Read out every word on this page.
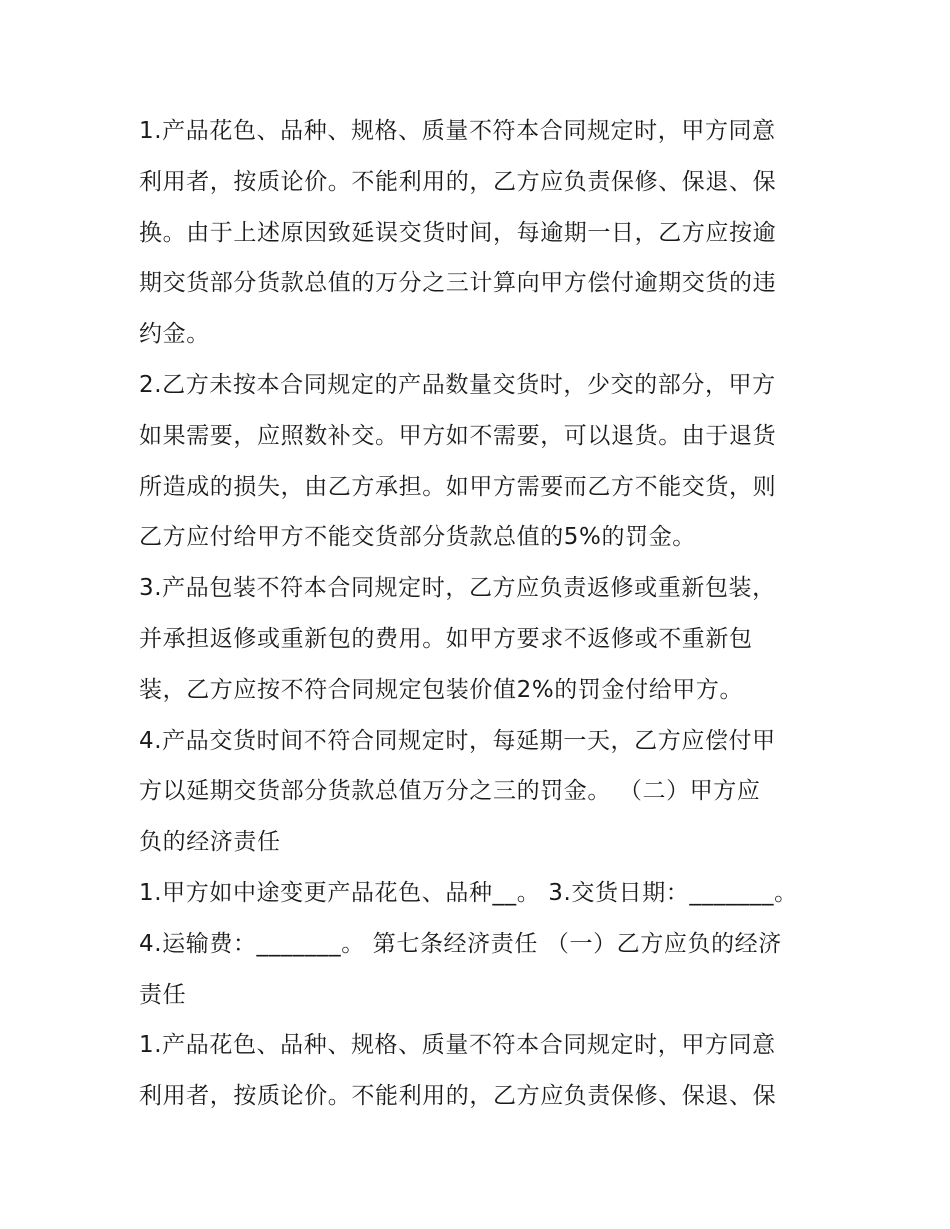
1.产品花色、品种、规格、质量不符本合同规定时，甲方同意
利用者，按质论价。不能利用的，乙方应负责保修、保退、保
换。由于上述原因致延误交货时间，每逾期一日，乙方应按逾
期交货部分货款总值的万分之三计算向甲方偿付逾期交货的违
约金。
2.乙方未按本合同规定的产品数量交货时，少交的部分，甲方
如果需要，应照数补交。甲方如不需要，可以退货。由于退货
所造成的损失，由乙方承担。如甲方需要而乙方不能交货，则
乙方应付给甲方不能交货部分货款总值的5%的罚金。
3.产品包装不符本合同规定时，乙方应负责返修或重新包装，
并承担返修或重新包的费用。如甲方要求不返修或不重新包
装，乙方应按不符合同规定包装价值2%的罚金付给甲方。
4.产品交货时间不符合同规定时，每延期一天，乙方应偿付甲
方以延期交货部分货款总值万分之三的罚金。 （二）甲方应
负的经济责任
1.甲方如中途变更产品花色、品种__。 3.交货日期：_______。
4.运输费：_______。 第七条经济责任 （一）乙方应负的经济
责任
1.产品花色、品种、规格、质量不符本合同规定时，甲方同意
利用者，按质论价。不能利用的，乙方应负责保修、保退、保
